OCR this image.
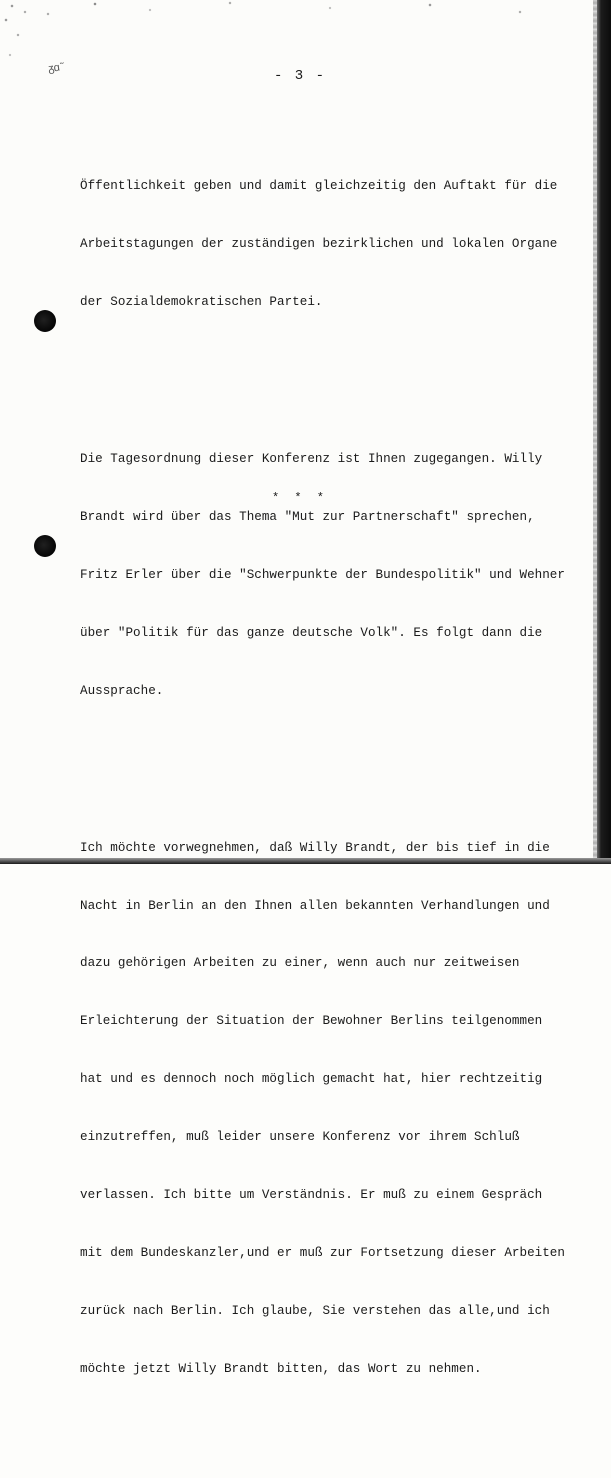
ᵹɑ˜	- 3 -

Öffentlichkeit geben und damit gleichzeitig den Auftakt für die

Arbeitstagungen der zuständigen bezirklichen und lokalen Organe

der Sozialdemokratischen Partei.

Die Tagesordnung dieser Konferenz ist Ihnen zugegangen. Willy

Brandt wird über das Thema "Mut zur Partnerschaft" sprechen,

Fritz Erler über die "Schwerpunkte der Bundespolitik" und Wehner

über "Politik für das ganze deutsche Volk". Es folgt dann die

Aussprache.

Ich möchte vorwegnehmen, daß Willy Brandt, der bis tief in die

Nacht in Berlin an den Ihnen allen bekannten Verhandlungen und

dazu gehörigen Arbeiten zu einer, wenn auch nur zeitweisen

Erleichterung der Situation der Bewohner Berlins teilgenommen

hat und es dennoch noch möglich gemacht hat, hier rechtzeitig

einzutreffen, muß leider unsere Konferenz vor ihrem Schluß

verlassen. Ich bitte um Verständnis. Er muß zu einem Gespräch

mit dem Bundeskanzler,und er muß zur Fortsetzung dieser Arbeiten

zurück nach Berlin. Ich glaube, Sie verstehen das alle,und ich

möchte jetzt Willy Brandt bitten, das Wort zu nehmen.

* * *
